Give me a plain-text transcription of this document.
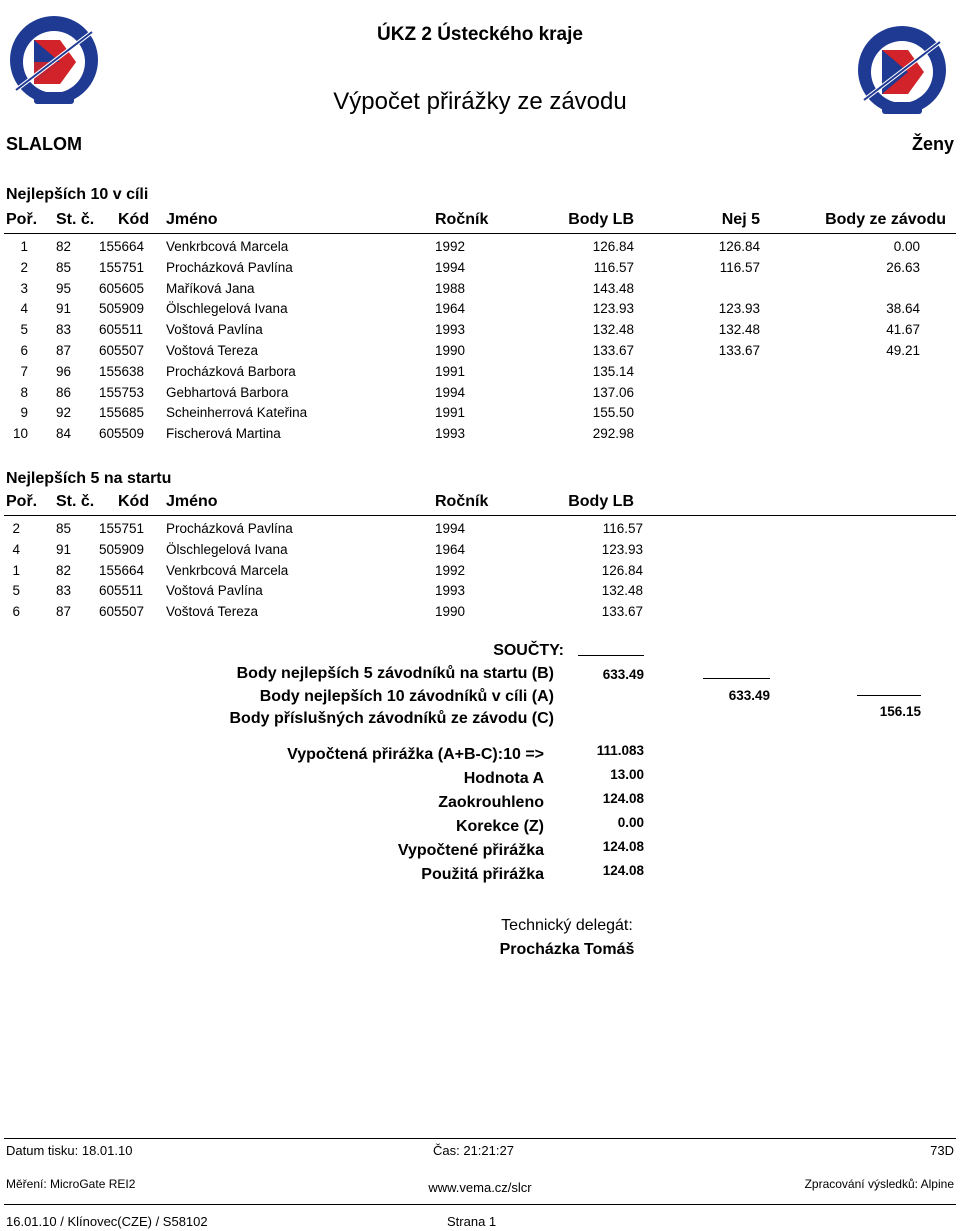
ÚKZ 2 Ústeckého kraje
Výpočet přirážky ze závodu
SLALOM	Ženy
Nejlepších 10 v cíli
Poř. St. č. Kód Jméno	Ročník	Body LB	Nej 5	Body ze závodu
1 82	155664	Venkrbcová Marcela	1992	126.84	126.84	0.00
2 85	155751	Procházková Pavlína	1994	116.57	116.57	26.63
3 95	605605	Maříková Jana	1988	143.48
4 91	505909	Ölschlegelová Ivana	1964	123.93	123.93	38.64
5 83	605511	Voštová Pavlína	1993	132.48	132.48	41.67
6 87	605507	Voštová Tereza	1990	133.67	133.67	49.21
7 96	155638	Procházková Barbora	1991	135.14
8 86	155753	Gebhartová Barbora	1994	137.06
9 92	155685	Scheinherrová Kateřina	1991	155.50
10 84	605509	Fischerová Martina	1993	292.98
Nejlepších 5 na startu
Poř. St. č. Kód Jméno	Ročník	Body LB
2	85	155751	Procházková Pavlína	1994	116.57
4	91	505909	Ölschlegelová Ivana	1964	123.93
1	82	155664	Venkrbcová Marcela	1992	126.84
5	83	605511	Voštová Pavlína	1993	132.48
6	87	605507	Voštová Tereza	1990	133.67
SOUČTY:
Body nejlepších 5 závodníků na startu (B)	633.49
Body nejlepších 10 závodníků v cíli (A)	633.49
Body příslušných závodníků ze závodu (C)	156.15
Vypočtená přirážka (A+B-C):10 =>	111.083
Hodnota A	13.00
Zaokrouhleno	124.08
Korekce (Z)	0.00
Vypočtené přirážka	124.08
Použitá přirážka	124.08
Technický delegát:
Procházka Tomáš
Datum tisku: 18.01.10	Čas: 21:21:27	73D
Měření: MicroGate REI2	www.vema.cz/slcr	Zpracování výsledků: Alpine
16.01.10 / Klínovec(CZE) / S58102	Strana 1
